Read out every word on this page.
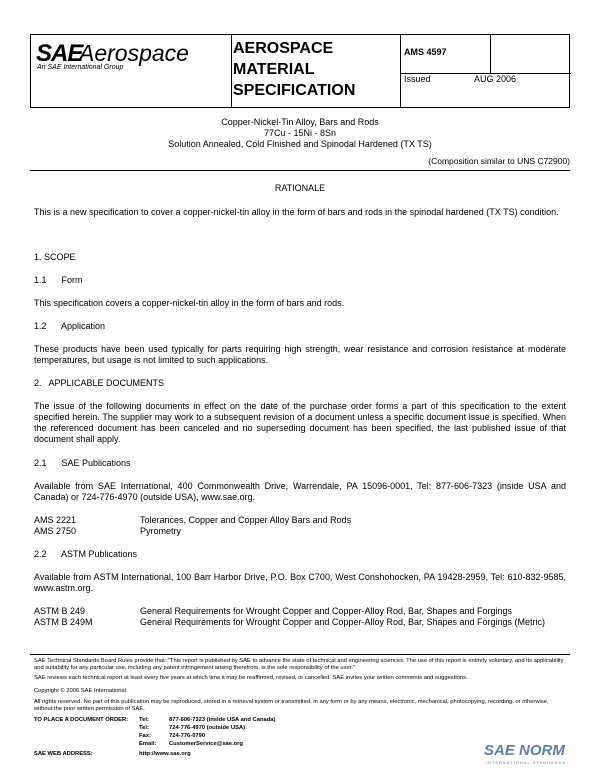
SAE
Aerospace
An SAE International Group
AEROSPACE
MATERIAL
SPECIFICATION
AMS 4597
Issued	AUG 2006
Copper-Nickel-Tin Alloy, Bars and Rods
77Cu - 15Ni - 8Sn
Solution Annealed, Cold Finished and Spinodal Hardened (TX TS)
(Composition similar to UNS C72900)
RATIONALE
This is a new specification to cover a copper-nickel-tin alloy in the form of bars and rods in the spinodal hardened (TX TS) condition.
1. SCOPE
1.1      Form
This specification covers a copper-nickel-tin alloy in the form of bars and rods.
1.2      Application
These products have been used typically for parts requiring high strength, wear resistance and corrosion resistance at moderate temperatures, but usage is not limited to such applications.
2.   APPLICABLE DOCUMENTS
The issue of the following documents in effect on the date of the purchase order forms a part of this specification to the extent specified herein. The supplier may work to a subsequent revision of a document unless a specific document issue is specified. When the referenced document has been canceled and no superseding document has been specified, the last published issue of that document shall apply.
2.1      SAE Publications
Available from SAE International, 400 Commonwealth Drive, Warrendale, PA 15096-0001, Tel: 877-606-7323 (inside USA and Canada) or 724-776-4970 (outside USA), www.sae.org.
AMS 2221	Tolerances, Copper and Copper Alloy Bars and Rods
AMS 2750	Pyrometry
2.2      ASTM Publications
Available from ASTM International, 100 Barr Harbor Drive, P.O. Box C700, West Conshohocken, PA 19428-2959, Tel: 610-832-9585, www.astm.org.
ASTM B 249	General Requirements for Wrought Copper and Copper-Alloy Rod, Bar, Shapes and Forgings
ASTM B 249M	General Requirements for Wrought Copper and Copper-Alloy Rod, Bar, Shapes and Forgings (Metric)
SAE Technical Standards Board Rules provide that: "This report is published by SAE to advance the state of technical and engineering sciences. The use of this report is entirely voluntary, and its applicability and suitability for any particular use, including any patent infringement arising therefrom, is the sole responsibility of the user."
SAE reviews each technical report at least every five years at which time it may be reaffirmed, revised, or cancelled. SAE invites your written comments and suggestions.
Copyright © 2006 SAE International
All rights reserved. No part of this publication may be reproduced, stored in a retrieval system or transmitted, in any form or by any means, electronic, mechanical, photocopying, recording, or otherwise, without the prior written permission of SAE.
TO PLACE A DOCUMENT ORDER:	Tel:	877-606-7323 (inside USA and Canada)
Tel:	724-776-4970 (outside USA)
Fax:	724-776-0790
Email:	CustomerService@sae.org
SAE WEB ADDRESS:	http://www.sae.org	SAE NORM
INTERNATIONAL STANDARDS
